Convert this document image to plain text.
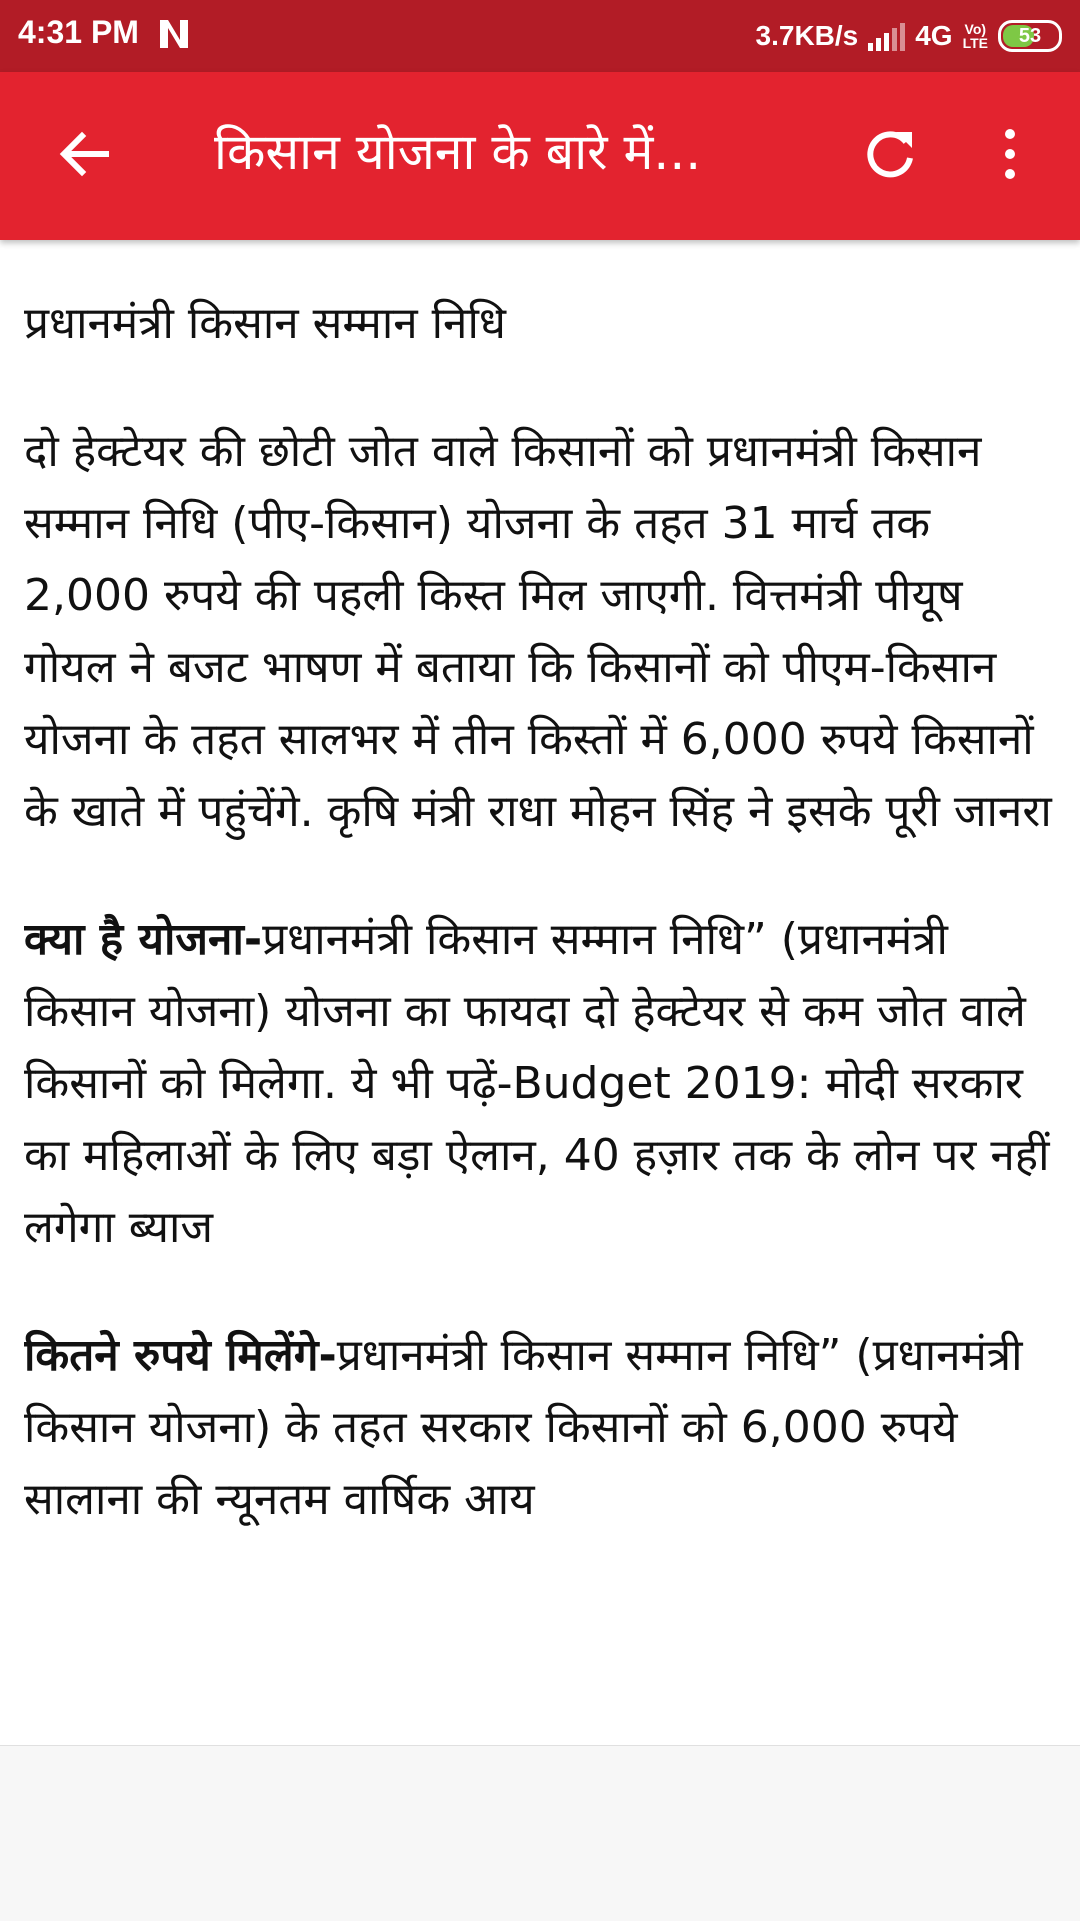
4:31 PM	3.7KB/s 4G Vo)
LTE 53
किसान योजना के बारे में...

प्रधानमंत्री किसान सम्मान निधि

दो हेक्टेयर की छोटी जोत वाले किसानों को प्रधानमंत्री किसान सम्मान निधि (पीए-किसान) योजना के तहत 31 मार्च तक 2,000 रुपये की पहली किस्त मिल जाएगी. वित्तमंत्री पीयूष गोयल ने बजट भाषण में बताया कि किसानों को पीएम-किसान योजना के तहत सालभर में तीन किस्तों में 6,000 रुपये किसानों के खाते में पहुंचेंगे. कृषि मंत्री राधा मोहन सिंह ने इसके पूरी जानरा

क्या है योजना-प्रधानमंत्री किसान सम्मान निधि” (प्रधानमंत्री किसान योजना) योजना का फायदा दो हेक्टेयर से कम जोत वाले किसानों को मिलेगा. ये भी पढ़ें-Budget 2019: मोदी सरकार का महिलाओं के लिए बड़ा ऐलान, 40 हज़ार तक के लोन पर नहीं लगेगा ब्याज

कितने रुपये मिलेंगे-प्रधानमंत्री किसान सम्मान निधि” (प्रधानमंत्री किसान योजना) के तहत सरकार किसानों को 6,000 रुपये सालाना की न्यूनतम वार्षिक आय
